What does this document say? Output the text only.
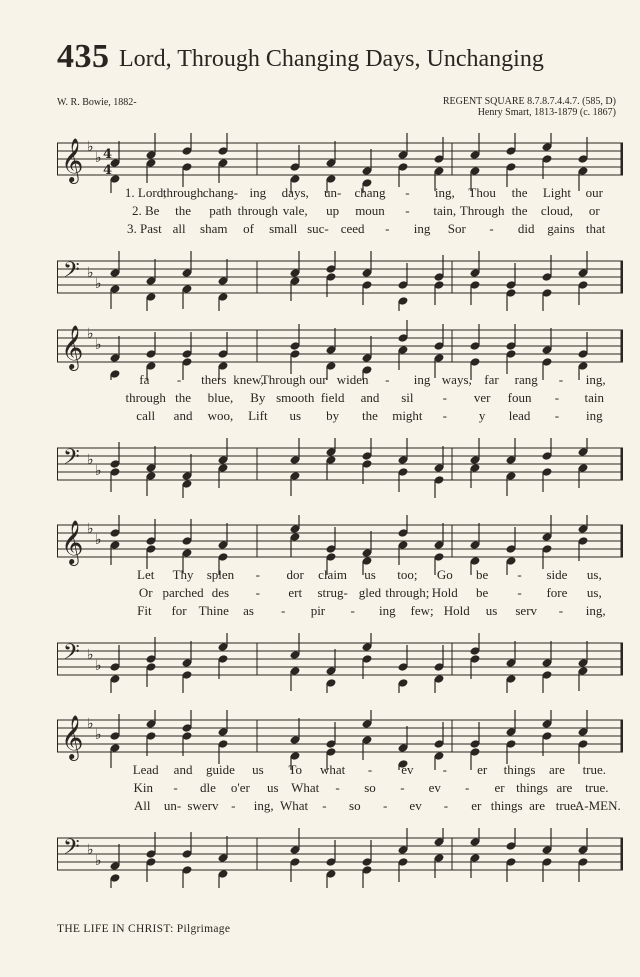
435 Lord, Through Changing Days, Unchanging
W. R. Bowie, 1882-	REGENT SQUARE 8.7.8.7.4.4.7. (585, D)
Henry Smart, 1813-1879 (c. 1867)
THE LIFE IN CHRIST: Pilgrimage
𝄞 ♭
♭ 4
4
1. Lord,
through chang- ing days, un- chang - ing, Thou the Light our
2. Be the path through vale, up moun - tain, Through the cloud, or
3. Past all sham of small suc- ceed - ing Sor - did gains that
𝄢 ♭
♭
𝄞 ♭
♭
fa - thers knew,
Through our widen - ing ways, far rang - ing,
through the blue, By smooth field and sil - ver foun - tain
call and woo, Lift us by the might - y lead - ing
𝄢 ♭
♭
𝄞 ♭
♭
Let Thy splen - dor claim us too; Go be - side us,
Or parched des - ert strug- gled through; Hold be - fore us,
Fit for Thine as - pir - ing few; Hold us serv - ing,
𝄢 ♭
♭
𝄞 ♭
♭
Lead and guide us To what - ev - er things are true.
Kin - dle o'er us What - so - ev - er things are true.
All un- swerv - ing, What - so - ev - er things are true.
A-MEN.
𝄢 ♭
♭
